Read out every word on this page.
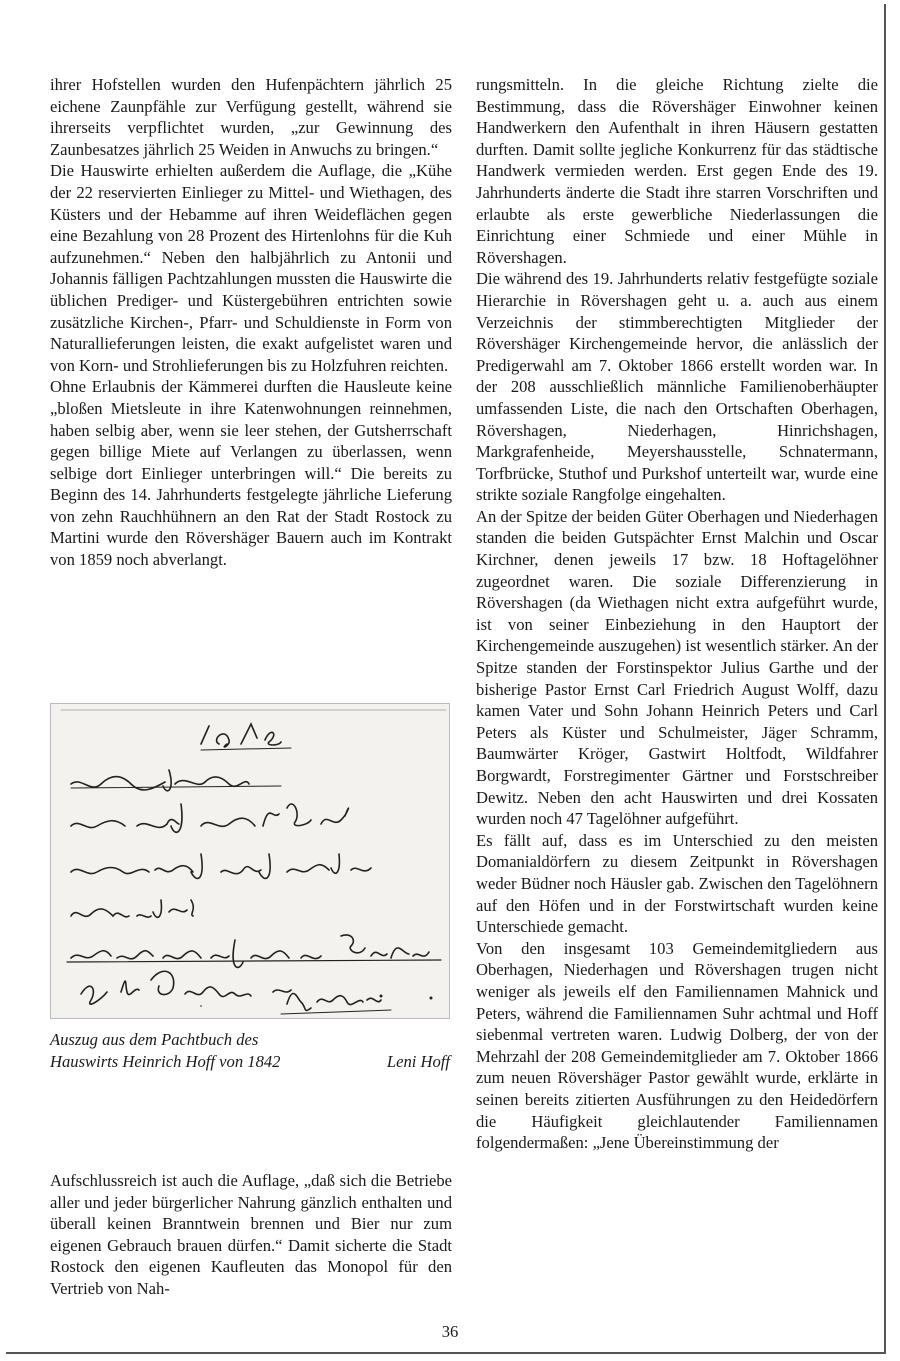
ihrer Hofstellen wurden den Hufenpächtern jährlich 25 eichene Zaunpfähle zur Verfügung gestellt, während sie ihrerseits verpflichtet wurden, „zur Gewinnung des Zaunbesatzes jährlich 25 Weiden in Anwuchs zu bringen.“

Die Hauswirte erhielten außerdem die Auflage, die „Kühe der 22 reservierten Einlieger zu Mittel- und Wiethagen, des Küsters und der Hebamme auf ihren Weideflächen gegen eine Bezahlung von 28 Prozent des Hirtenlohns für die Kuh aufzunehmen.“ Neben den halbjährlich zu Antonii und Johannis fälligen Pachtzahlungen mussten die Hauswirte die üblichen Prediger- und Küstergebühren entrichten sowie zusätzliche Kirchen-, Pfarr- und Schuldienste in Form von Naturallieferungen leisten, die exakt aufgelistet waren und von Korn- und Strohlieferungen bis zu Holzfuhren reichten.

Ohne Erlaubnis der Kämmerei durften die Hausleute keine „bloßen Mietsleute in ihre Katenwohnungen reinnehmen, haben selbig aber, wenn sie leer stehen, der Gutsherrschaft gegen billige Miete auf Verlangen zu überlassen, wenn selbige dort Einlieger unterbringen will.“ Die bereits zu Beginn des 14. Jahrhunderts festgelegte jährliche Lieferung von zehn Rauchhühnern an den Rat der Stadt Rostock zu Martini wurde den Rövershäger Bauern auch im Kontrakt von 1859 noch abverlangt.

Auszug aus dem Pachtbuch des
Hauswirts Heinrich Hoff von 1842	Leni Hoff

Aufschlussreich ist auch die Auflage, „daß sich die Betriebe aller und jeder bürgerlicher Nahrung gänzlich enthalten und überall keinen Branntwein brennen und Bier nur zum eigenen Gebrauch brauen dürfen.“ Damit sicherte die Stadt Rostock den eigenen Kaufleuten das Monopol für den Vertrieb von Nah-

rungsmitteln. In die gleiche Richtung zielte die Bestimmung, dass die Rövershäger Einwohner keinen Handwerkern den Aufenthalt in ihren Häusern gestatten durften. Damit sollte jegliche Konkurrenz für das städtische Handwerk vermieden werden. Erst gegen Ende des 19. Jahrhunderts änderte die Stadt ihre starren Vorschriften und erlaubte als erste gewerbliche Niederlassungen die Einrichtung einer Schmiede und einer Mühle in Rövershagen.

Die während des 19. Jahrhunderts relativ festgefügte soziale Hierarchie in Rövershagen geht u. a. auch aus einem Verzeichnis der stimmberechtigten Mitglieder der Rövershäger Kirchengemeinde hervor, die anlässlich der Predigerwahl am 7. Oktober 1866 erstellt worden war. In der 208 ausschließlich männliche Familienoberhäupter umfassenden Liste, die nach den Ortschaften Oberhagen, Rövershagen, Niederhagen, Hinrichshagen, Markgrafenheide, Meyershausstelle, Schnatermann, Torfbrücke, Stuthof und Purkshof unterteilt war, wurde eine strikte soziale Rangfolge eingehalten.

An der Spitze der beiden Güter Oberhagen und Niederhagen standen die beiden Gutspächter Ernst Malchin und Oscar Kirchner, denen jeweils 17 bzw. 18 Hoftagelöhner zugeordnet waren. Die soziale Differenzierung in Rövershagen (da Wiethagen nicht extra aufgeführt wurde, ist von seiner Einbeziehung in den Hauptort der Kirchengemeinde auszugehen) ist wesentlich stärker. An der Spitze standen der Forstinspektor Julius Garthe und der bisherige Pastor Ernst Carl Friedrich August Wolff, dazu kamen Vater und Sohn Johann Heinrich Peters und Carl Peters als Küster und Schulmeister, Jäger Schramm, Baumwärter Kröger, Gastwirt Holtfodt, Wildfahrer Borgwardt, Forstregimenter Gärtner und Forstschreiber Dewitz. Neben den acht Hauswirten und drei Kossaten wurden noch 47 Tagelöhner aufgeführt.

Es fällt auf, dass es im Unterschied zu den meisten Domanialdörfern zu diesem Zeitpunkt in Rövershagen weder Büdner noch Häusler gab. Zwischen den Tagelöhnern auf den Höfen und in der Forstwirtschaft wurden keine Unterschiede gemacht.

Von den insgesamt 103 Gemeindemitgliedern aus Oberhagen, Niederhagen und Rövershagen trugen nicht weniger als jeweils elf den Familiennamen Mahnick und Peters, während die Familiennamen Suhr achtmal und Hoff siebenmal vertreten waren. Ludwig Dolberg, der von der Mehrzahl der 208 Gemeindemitglieder am 7. Oktober 1866 zum neuen Rövershäger Pastor gewählt wurde, erklärte in seinen bereits zitierten Ausführungen zu den Heidedörfern die Häufigkeit gleichlautender Familiennamen folgendermaßen: „Jene Übereinstimmung der

36
